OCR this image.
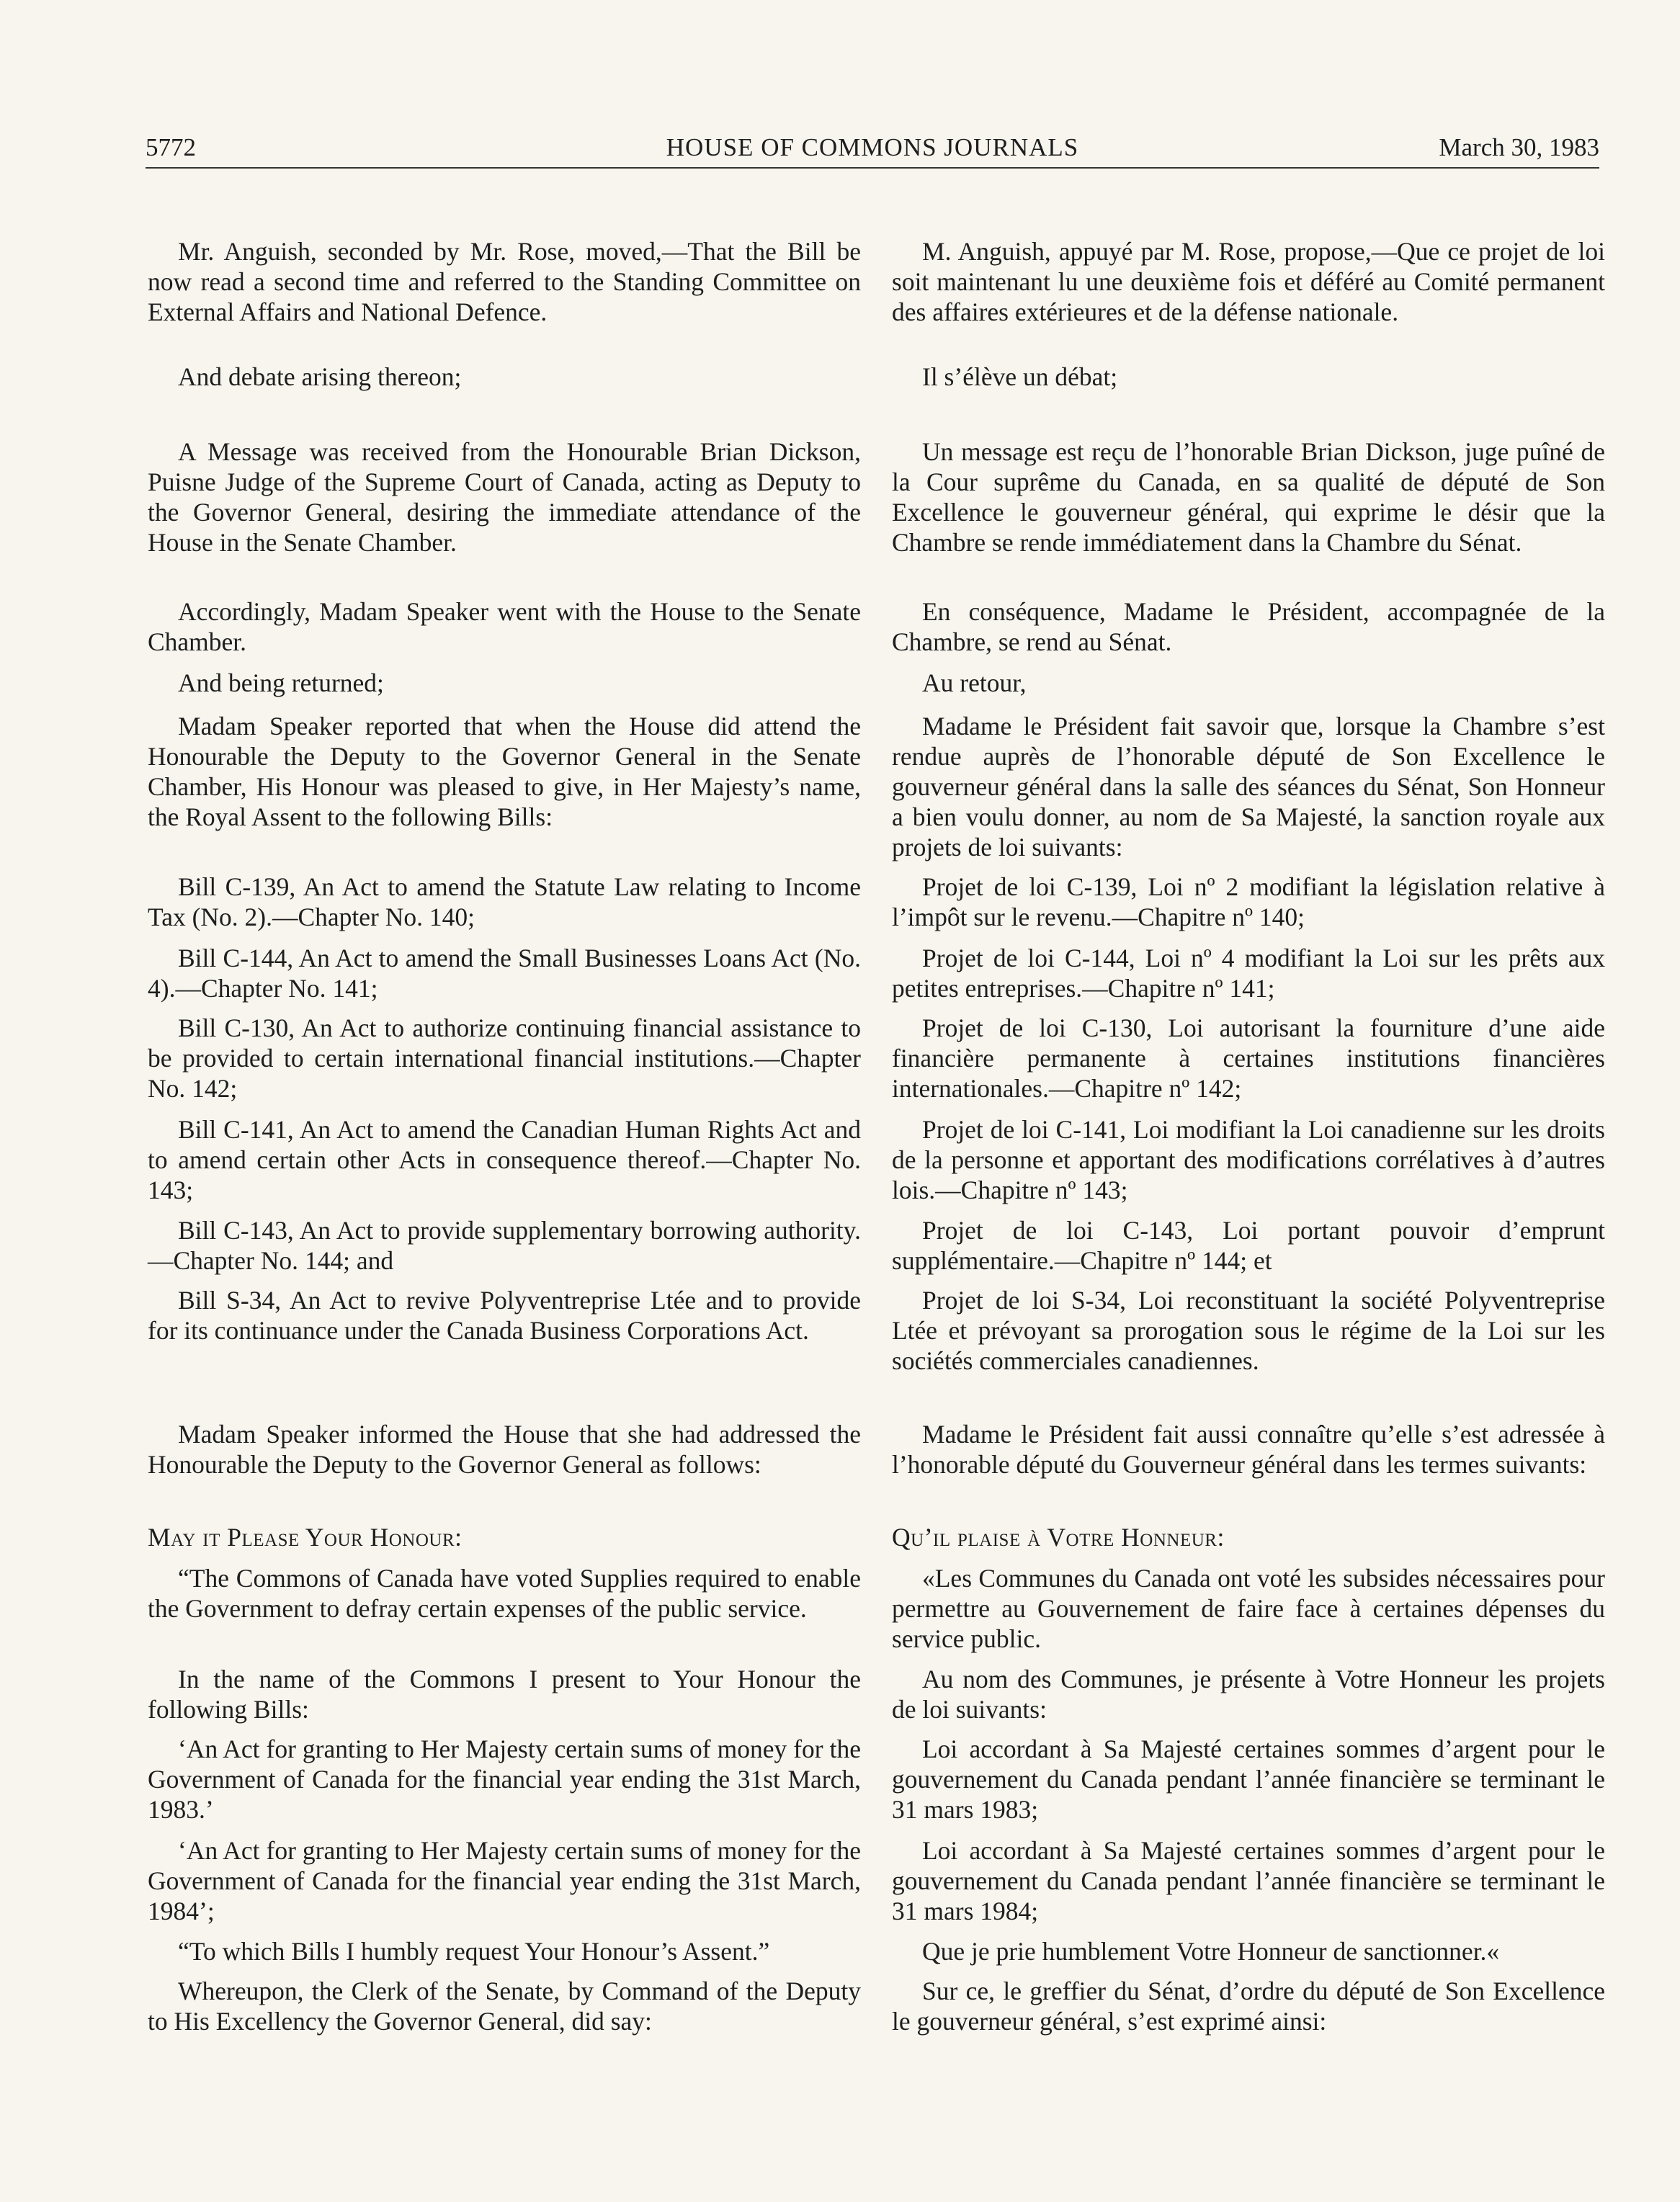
5772	HOUSE OF COMMONS JOURNALS	March 30, 1983

Mr. Anguish, seconded by Mr. Rose, moved,—That the Bill be now read a second time and referred to the Standing Committee on External Affairs and National Defence.

And debate arising thereon;

A Message was received from the Honourable Brian Dickson, Puisne Judge of the Supreme Court of Canada, acting as Deputy to the Governor General, desiring the immediate attendance of the House in the Senate Chamber.

Accordingly, Madam Speaker went with the House to the Senate Chamber.

And being returned;

Madam Speaker reported that when the House did attend the Honourable the Deputy to the Governor General in the Senate Chamber, His Honour was pleased to give, in Her Majesty’s name, the Royal Assent to the following Bills:

Bill C-139, An Act to amend the Statute Law relating to Income Tax (No. 2).—Chapter No. 140;

Bill C-144, An Act to amend the Small Businesses Loans Act (No. 4).—Chapter No. 141;

Bill C-130, An Act to authorize continuing financial assistance to be provided to certain international financial institutions.—Chapter No. 142;

Bill C-141, An Act to amend the Canadian Human Rights Act and to amend certain other Acts in consequence thereof.—Chapter No. 143;

Bill C-143, An Act to provide supplementary borrowing authority.—Chapter No. 144; and

Bill S-34, An Act to revive Polyventreprise Ltée and to provide for its continuance under the Canada Business Corporations Act.

Madam Speaker informed the House that she had addressed the Honourable the Deputy to the Governor General as follows:

May it Please Your Honour:

“The Commons of Canada have voted Supplies required to enable the Government to defray certain expenses of the public service.

In the name of the Commons I present to Your Honour the following Bills:

‘An Act for granting to Her Majesty certain sums of money for the Government of Canada for the financial year ending the 31st March, 1983.’

‘An Act for granting to Her Majesty certain sums of money for the Government of Canada for the financial year ending the 31st March, 1984’;

“To which Bills I humbly request Your Honour’s Assent.”

Whereupon, the Clerk of the Senate, by Command of the Deputy to His Excellency the Governor General, did say:

M. Anguish, appuyé par M. Rose, propose,—Que ce projet de loi soit maintenant lu une deuxième fois et déféré au Comité permanent des affaires extérieures et de la défense nationale.

Il s’élève un débat;

Un message est reçu de l’honorable Brian Dickson, juge puîné de la Cour suprême du Canada, en sa qualité de député de Son Excellence le gouverneur général, qui exprime le désir que la Chambre se rende immédiatement dans la Chambre du Sénat.

En conséquence, Madame le Président, accompagnée de la Chambre, se rend au Sénat.

Au retour,

Madame le Président fait savoir que, lorsque la Chambre s’est rendue auprès de l’honorable député de Son Excellence le gouverneur général dans la salle des séances du Sénat, Son Honneur a bien voulu donner, au nom de Sa Majesté, la sanction royale aux projets de loi suivants:

Projet de loi C-139, Loi nº 2 modifiant la législation relative à l’impôt sur le revenu.—Chapitre nº 140;

Projet de loi C-144, Loi nº 4 modifiant la Loi sur les prêts aux petites entreprises.—Chapitre nº 141;

Projet de loi C-130, Loi autorisant la fourniture d’une aide financière permanente à certaines institutions financières internationales.—Chapitre nº 142;

Projet de loi C-141, Loi modifiant la Loi canadienne sur les droits de la personne et apportant des modifications corrélatives à d’autres lois.—Chapitre nº 143;

Projet de loi C-143, Loi portant pouvoir d’emprunt supplémentaire.—Chapitre nº 144; et

Projet de loi S-34, Loi reconstituant la société Polyventreprise Ltée et prévoyant sa prorogation sous le régime de la Loi sur les sociétés commerciales canadiennes.

Madame le Président fait aussi connaître qu’elle s’est adressée à l’honorable député du Gouverneur général dans les termes suivants:

Qu’il plaise à Votre Honneur:

«Les Communes du Canada ont voté les subsides nécessaires pour permettre au Gouvernement de faire face à certaines dépenses du service public.

Au nom des Communes, je présente à Votre Honneur les projets de loi suivants:

Loi accordant à Sa Majesté certaines sommes d’argent pour le gouvernement du Canada pendant l’année financière se terminant le 31 mars 1983;

Loi accordant à Sa Majesté certaines sommes d’argent pour le gouvernement du Canada pendant l’année financière se terminant le 31 mars 1984;

Que je prie humblement Votre Honneur de sanctionner.«

Sur ce, le greffier du Sénat, d’ordre du député de Son Excellence le gouverneur général, s’est exprimé ainsi:
